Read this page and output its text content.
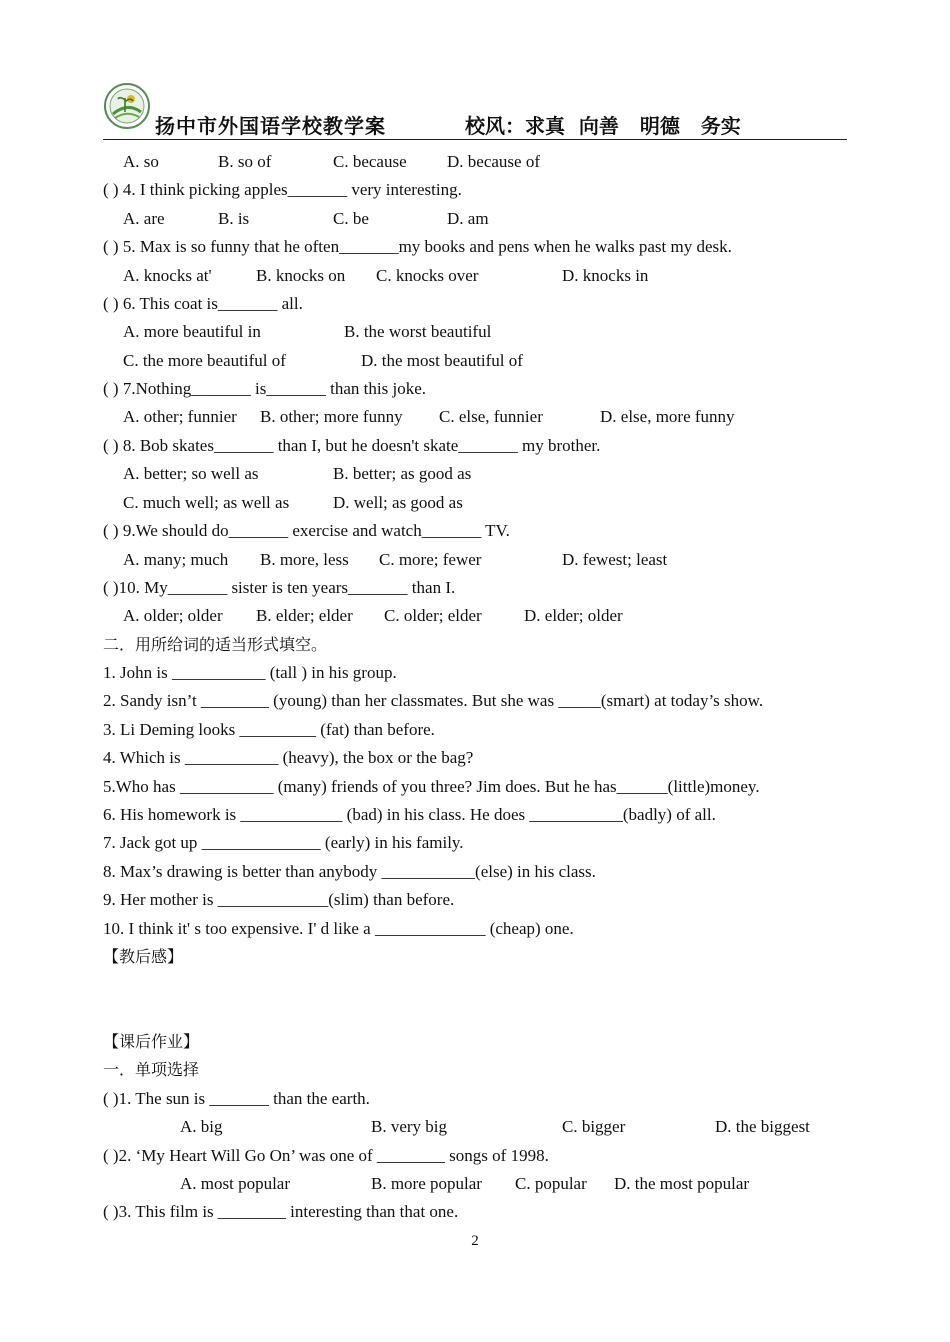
扬中市外国语学校教学案	校风：求真  向善   明德   务实
A. so	B. so of	C. because D. because of
( ) 4. I think picking apples_______ very interesting.
A. are	B. is	C. be	D. am
( ) 5. Max is so funny that he often_______my books and pens when he walks past my desk.
A. knocks at'	B. knocks on C. knocks over	D. knocks in
( ) 6. This coat is_______ all.
A. more beautiful in	B. the worst beautiful
C. the more beautiful of	D. the most beautiful of
( ) 7.Nothing_______ is_______ than this joke.
A. other; funnier B. other; more funny C. else, funnier	D. else, more funny
( ) 8. Bob skates_______ than I, but he doesn't skate_______ my brother.
A. better; so well as	B. better; as good as
C. much well; as well as	D. well; as good as
( ) 9.We should do_______ exercise and watch_______ TV.
A. many; much B. more, less C. more; fewer	D. fewest; least
( )10. My_______ sister is ten years_______ than I.
A. older; older B. elder; elder C. older; elder D. elder; older
二．用所给词的适当形式填空。
1. John is ___________ (tall ) in his group.
2. Sandy isn’t ________ (young) than her classmates. But she was _____(smart) at today’s show.
3. Li Deming looks _________ (fat) than before.
4. Which is ___________ (heavy), the box or the bag?
5.Who has ___________ (many) friends of you three? Jim does. But he has______(little)money.
6. His homework is ____________ (bad) in his class. He does ___________(badly) of all.
7. Jack got up ______________ (early) in his family.
8. Max’s drawing is better than anybody ___________(else) in his class.
9. Her mother is _____________(slim) than before.
10. I think it' s too expensive. I' d like a _____________ (cheap) one.
【教后感】
【课后作业】
一．单项选择
( )1. The sun is _______ than the earth.
A. big	B. very big	C. bigger	D. the biggest
( )2. ‘My Heart Will Go On’ was one of ________ songs of 1998.
A. most popular	B. more popular C. popular D. the most popular
( )3. This film is ________ interesting than that one.
2
